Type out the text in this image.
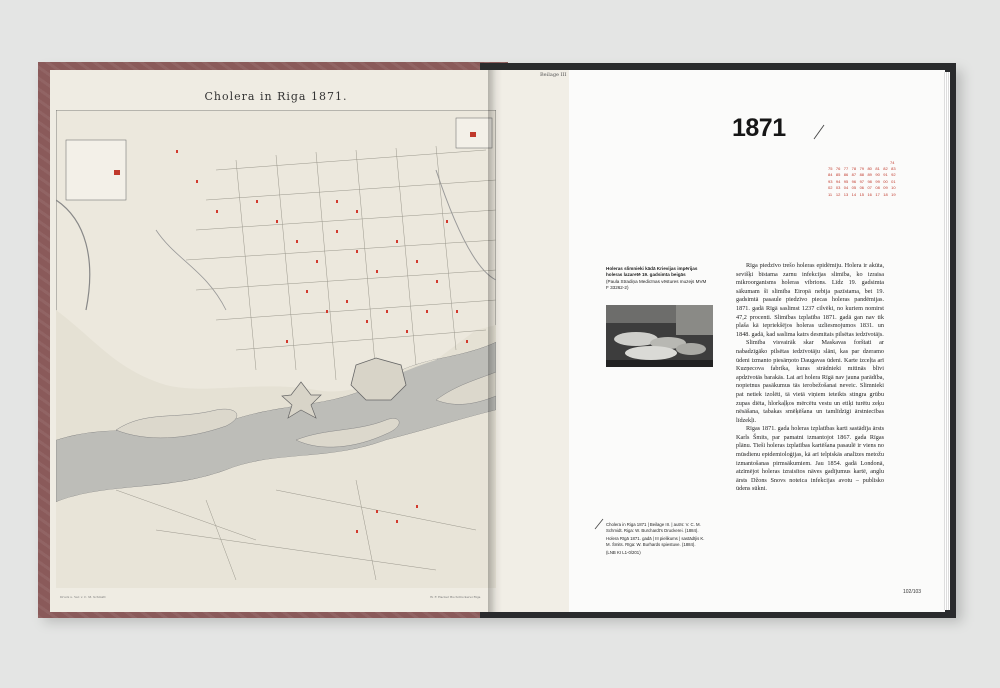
Cholera in Riga 1871.
Beilage III
Druck u. Ver. v. C. M. Schmidt	W. F. Hacker Buchdruckerei Riga
1871
74
75 76 77 78 79 80 81 82 8384 85 86 87 88 89 90 91 9293 94 95 96 97 98 99 00 0102 03 04 05 06 07 08 09 1011 12 13 14 15 16 17 18 19
Holeras slimnieki kādā Krievijas impērijas holeras lazaretē 19. gadsimta beigās
(Paula Stradiņa Medicīnas vēstures muzejs MVM F 33262-2)

Rīga piedzīvo trešo holeras epidēmiju. Holera ir akūta, sevišķi bīstama zarnu infekcijas slimība, ko izraisa mikroorganisms holeras vibrions. Līdz 19. gadsimta sākumam šī slimība Eiropā nebija pazīstama, bet 19. gadsimtā pasaule piedzīvo piecas holeras pandēmijas. 1871. gadā Rīgā saslimst 1237 cilvēki, no kuriem nomirst 47,2 procenti. Slimības izplatība 1871. gadā gan nav tik plaša kā iepriekšējos holeras uzliesmojumos 1831. un 1848. gadā, kad saslima katrs desmitais pilsētas iedzīvotājs.

Slimība visvairāk skar Maskavas forštati ar nabadzīgāko pilsētas iedzīvotāju slāni, kas par dzeramo ūdeni izmanto piesārņoto Daugavas ūdeni. Karte izceļta arī Kuzņecova fabrika, kuras strādnieki mitinās blīvi apdzīvotās barakās. Lai arī holera Rīgā nav jauna parādība, nopietnus pasākumus tās ierobežošanai neveic. Slimnieki pat netiek izolēti, tā vietā viņiem ieteikts stingra grūbu zupas diēta, hlorkaļķos mērcētu vestu un etiķi turētu zeķu nēsāšana, tabakas smēķēšana un tamlīdzīgi ārstniecības līdzekļi.

Rīgas 1871. gada holeras izplatības karti sastādīja ārsts Karls Šmits, par pamatni izmantojot 1867. gada Rīgas plānu. Tieši holeras izplatības kartēšana pasaulē ir viens no mūsdienu epidemioloģijas, kā arī telpiskās analīzes metožu izmantošanas pirmsākumiem. Jau 1854. gadā Londonā, atzīmējot holeras izraisītos nāves gadījumus kartē, anglu ārsts Džons Snovs noteica infekcijas avotu – publisko ūdens sūkni.

Cholera in Riga 1871 | Beilage III. | autrs: V. C. M. Schmidt. Riga: W. Burchardt's Druckerei. (1884).

Holera Rīgā 1871. gadā | III pielikums | sastādījis K. M. Šmits. Rīga: W. Burhards spiestuve. (1884).

(LNB KI L1-0/201)

102/103
